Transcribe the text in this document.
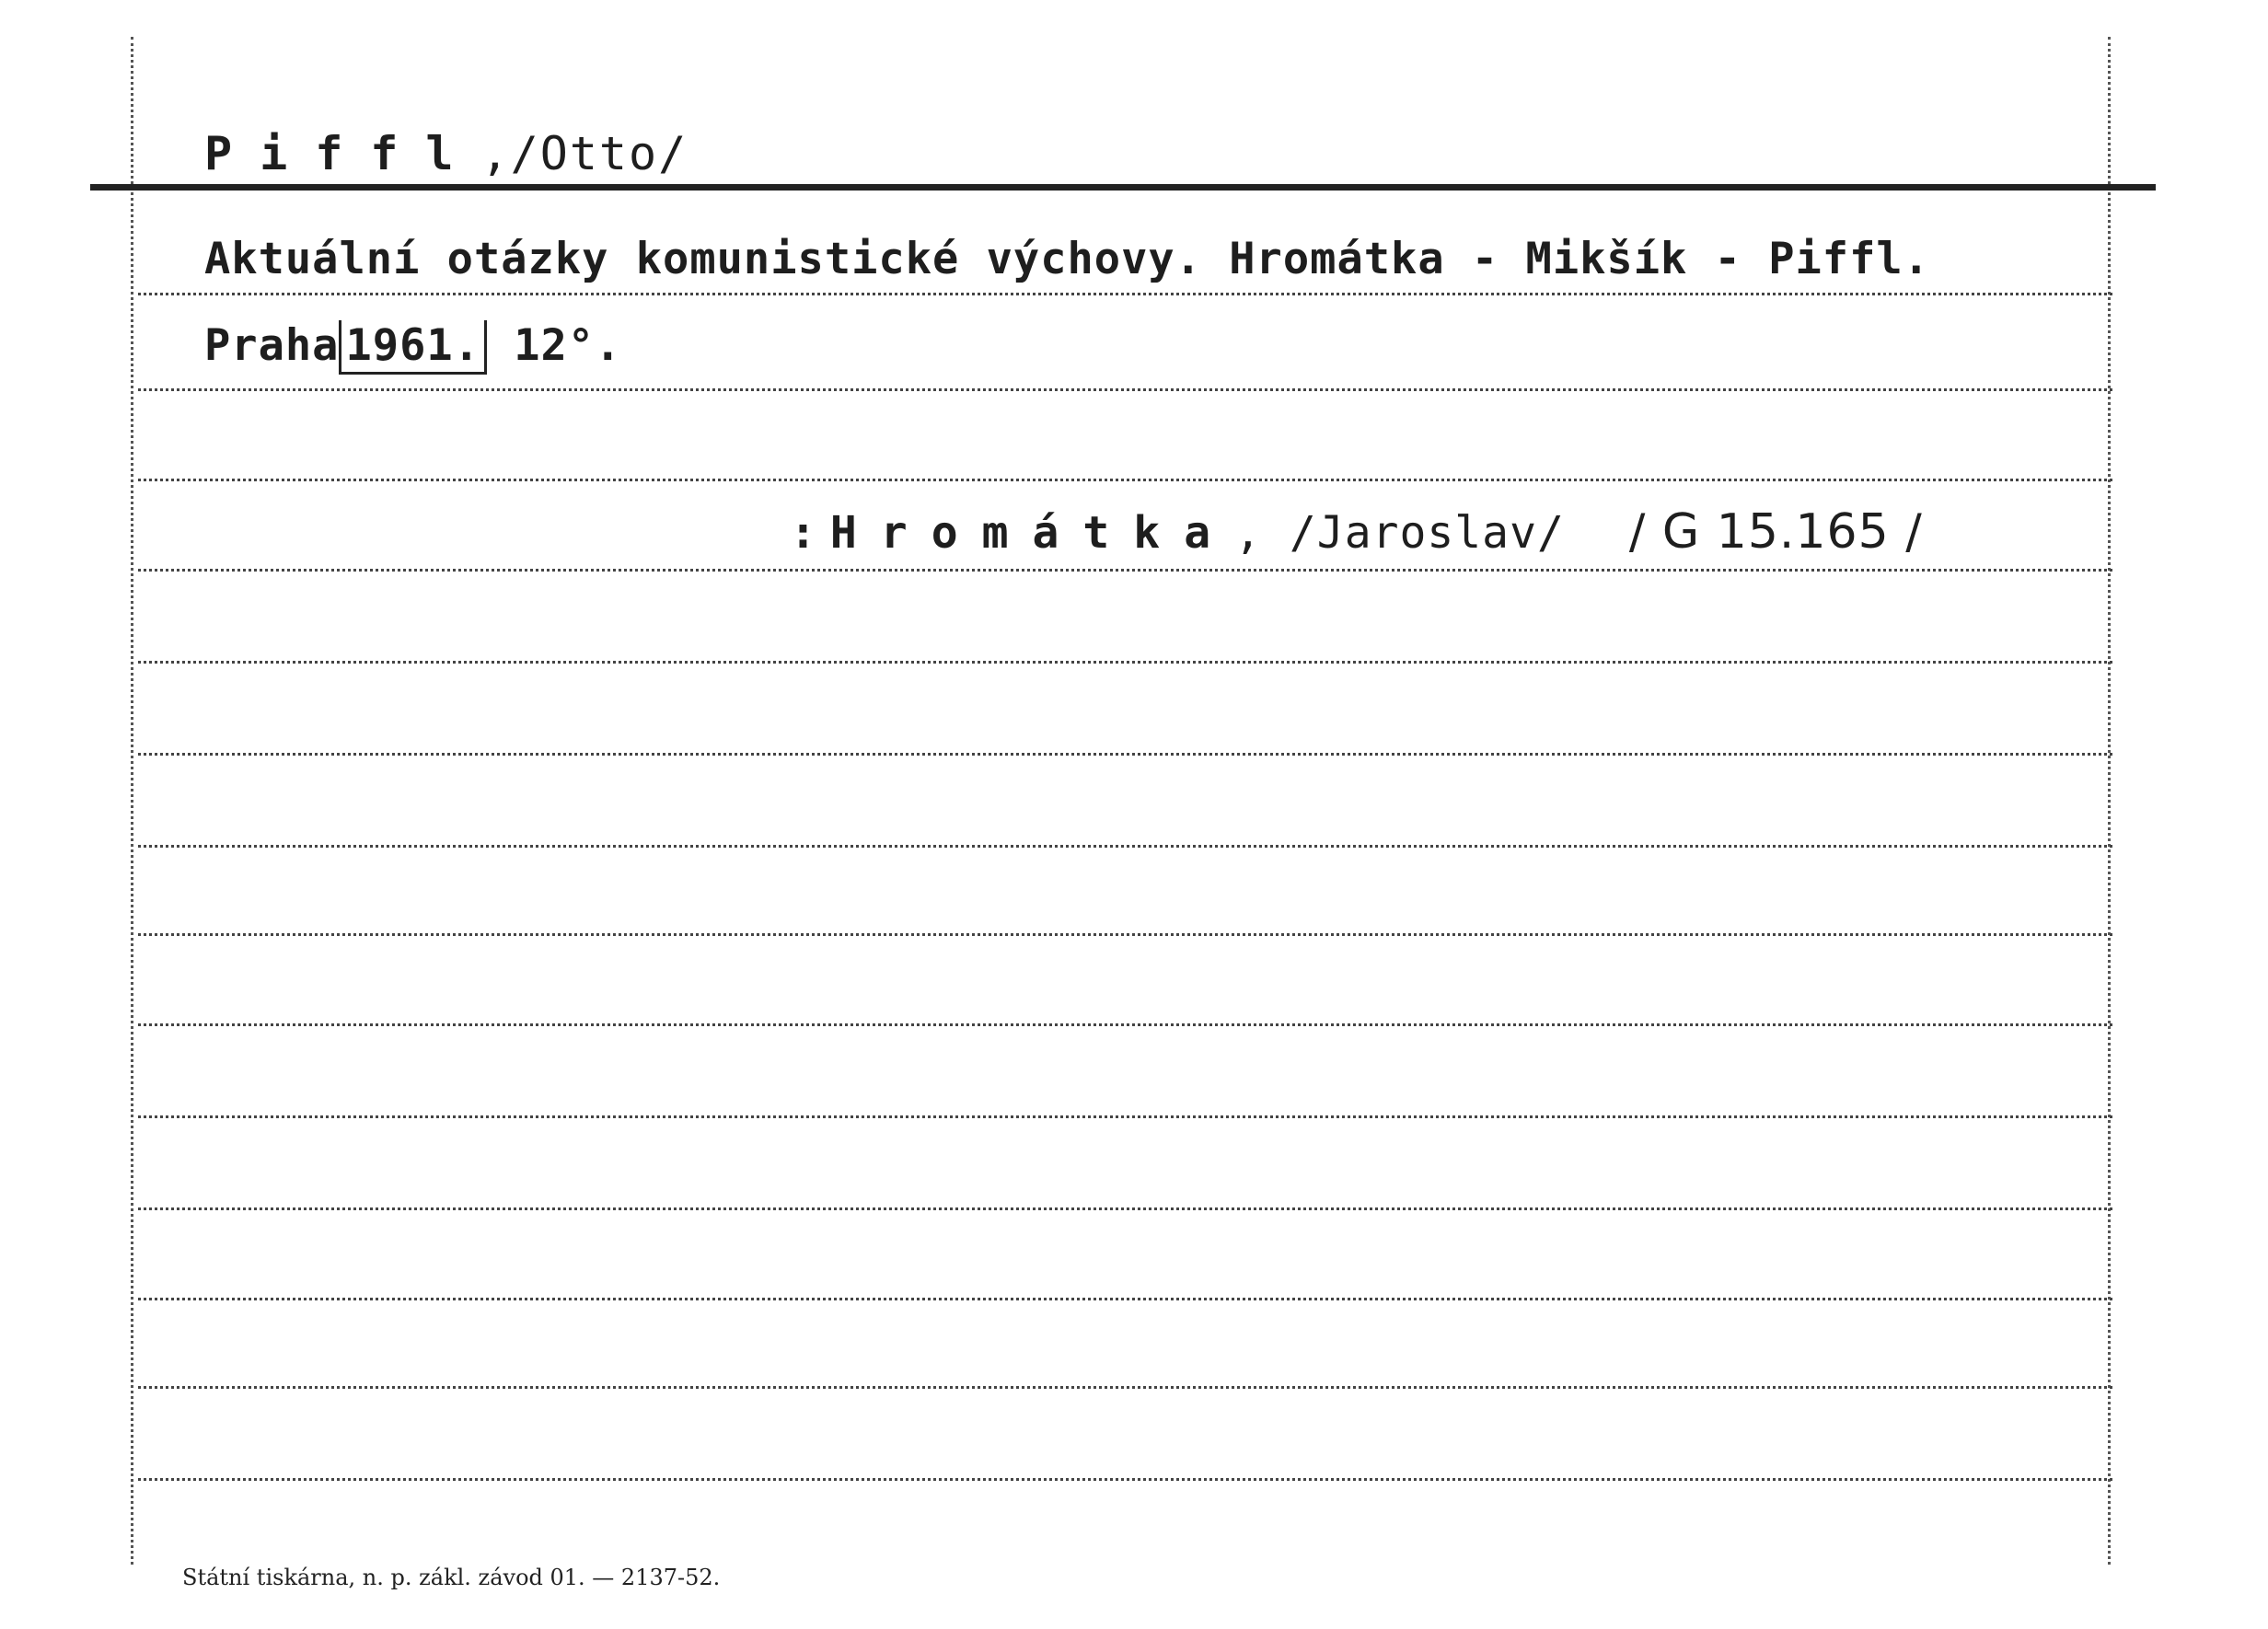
Piffl,/Otto/
Aktuální otázky komunistické výchovy. Hromátka - Mikšík - Piffl.
Praha 1961. 12°.
: Hromátka, /Jaroslav/ / G 15.165 /
Státní tiskárna, n. p. zákl. závod 01. — 2137-52.
